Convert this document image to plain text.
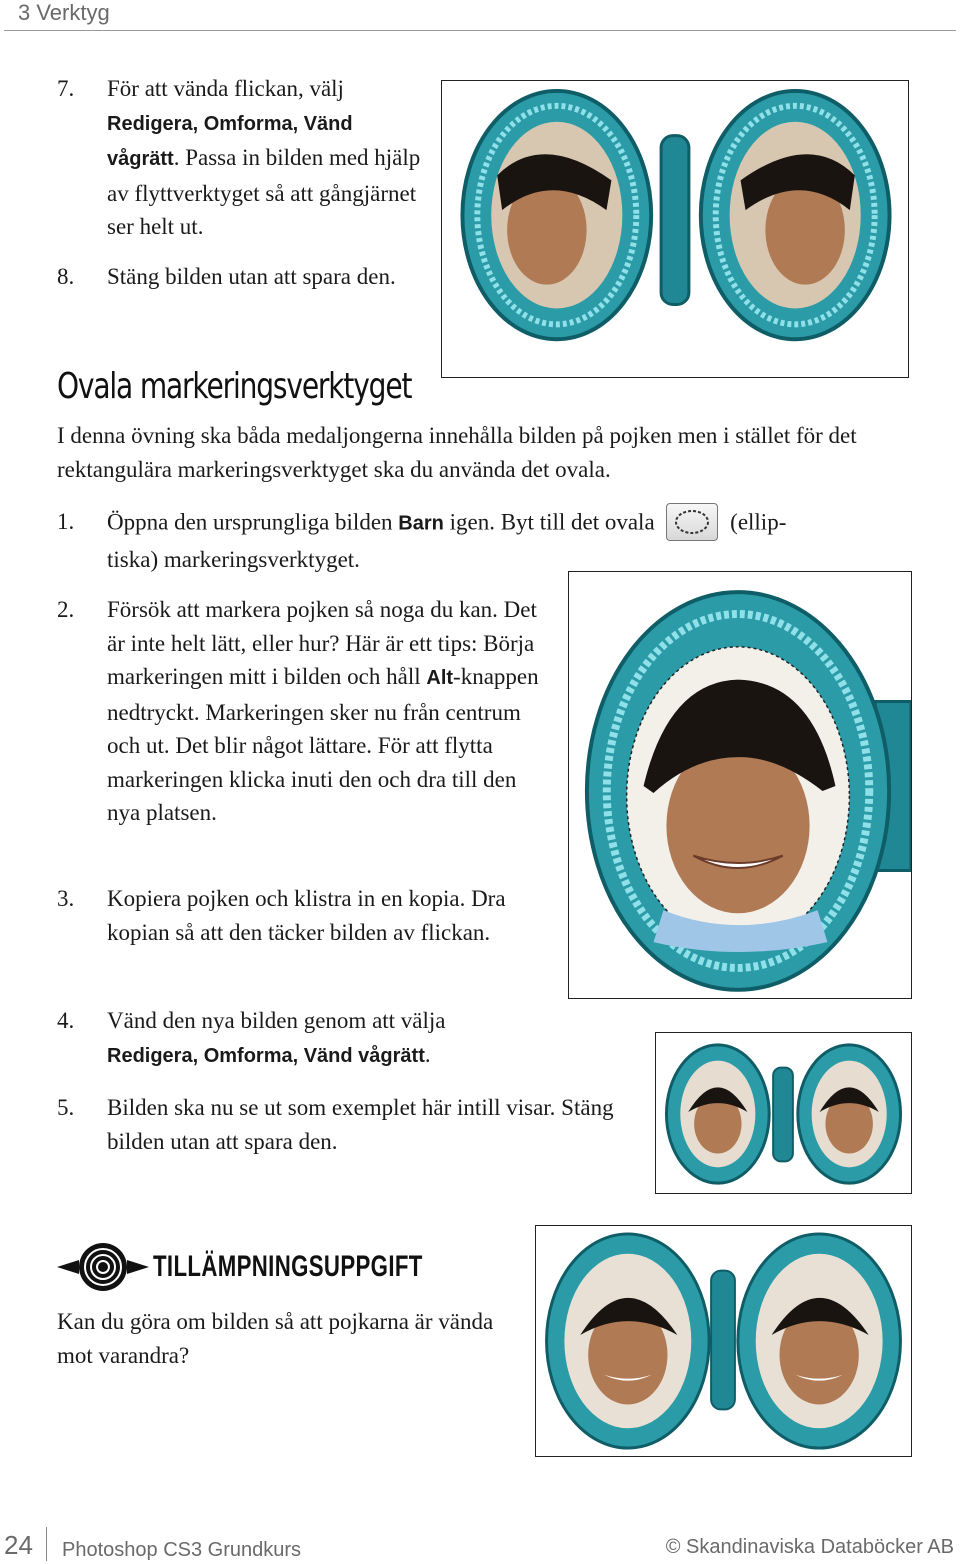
3 Verktyg
7.	För att vända flickan, välj Redigera, Omforma, Vänd vågrätt. Passa in bilden med hjälp av flyttverktyget så att gångjärnet ser helt ut.
8.	Stäng bilden utan att spara den.
Ovala markeringsverktyget
I denna övning ska båda medaljongerna innehålla bilden på pojken men i stället för det rektangulära markeringsverktyget ska du använda det ovala.
1.	Öppna den ursprungliga bilden Barn igen. Byt till det ovala	(ellip-
tiska) markeringsverktyget.
2.	Försök att markera pojken så noga du kan. Det är inte helt lätt, eller hur? Här är ett tips: Börja markeringen mitt i bilden och håll Alt-knappen nedtryckt. Markeringen sker nu från centrum och ut. Det blir något lättare. För att flytta markeringen klicka inuti den och dra till den nya platsen.
3.	Kopiera pojken och klistra in en kopia. Dra kopian så att den täcker bilden av flickan.
4.	Vänd den nya bilden genom att välja
Redigera, Omforma, Vänd vågrätt.
5.	Bilden ska nu se ut som exemplet här intill visar. Stäng bilden utan att spara den.
TILLÄMPNINGSUPPGIFT
Kan du göra om bilden så att pojkarna är vända mot varandra?
24 Photoshop CS3 Grundkurs	© Skandinaviska Databöcker AB
